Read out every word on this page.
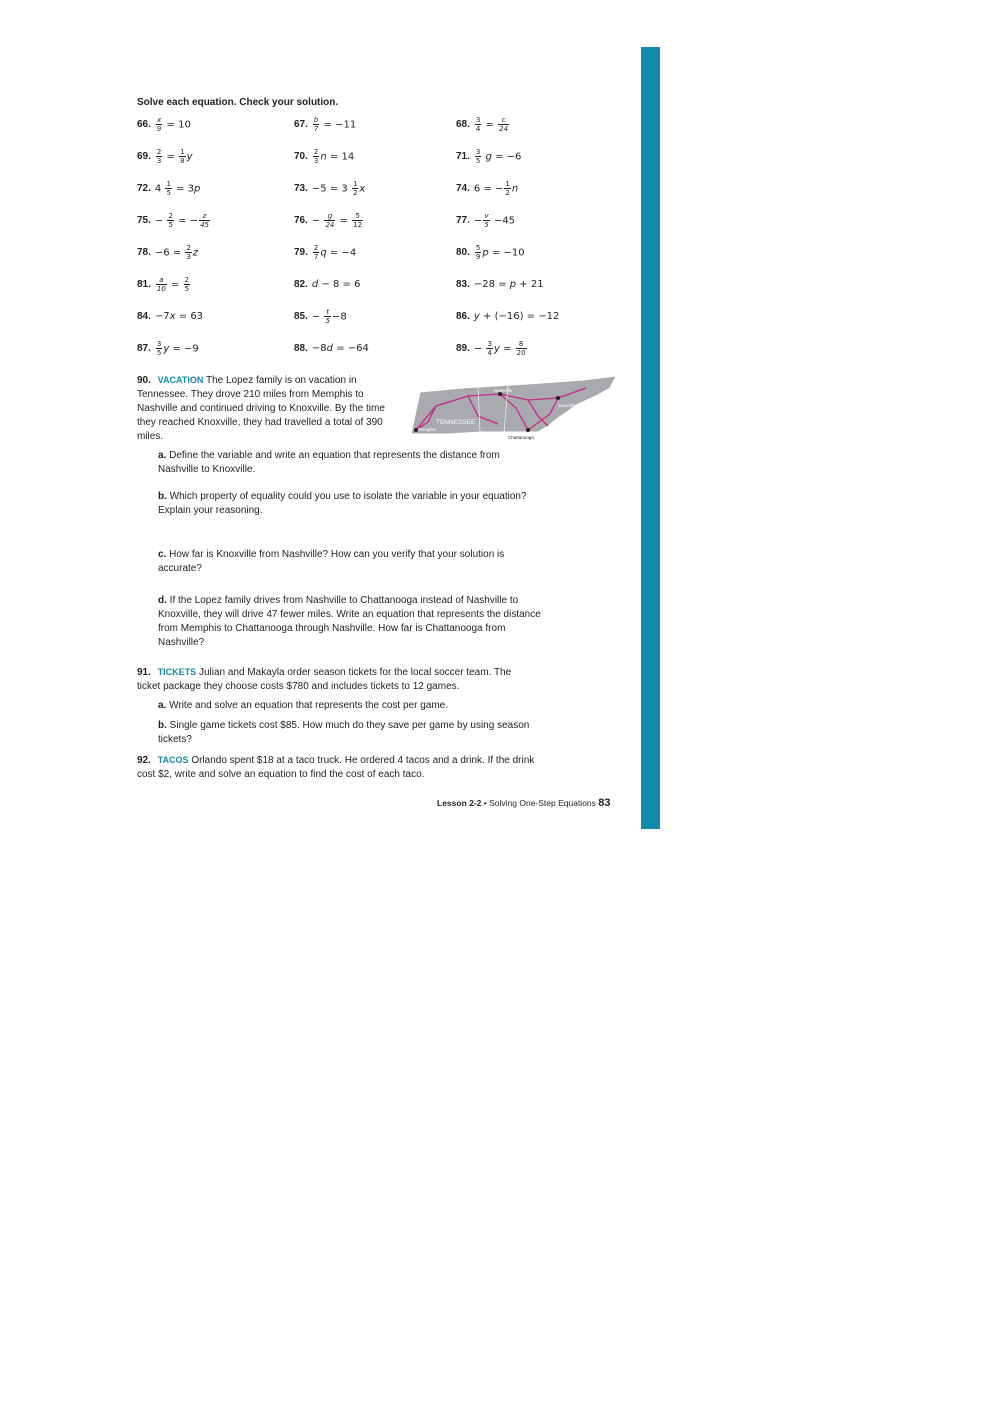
Solve each equation. Check your solution.
66. $\frac{x}{9} = 10$	67. $\frac{b}{7} = -11$	68. $\frac{3}{4} = \frac{c}{24}$
69. $\frac{2}{3} = \frac{1}{8}$ y	70. $\frac{2}{3}$ n = 14	71. $\frac{3}{5}$ g = −6
72. $4 \frac{1}{5} = 3p$	73. $-5 = 3 \frac{1}{2}$ x	74. 6 = − $\frac{1}{2}$ n
75. − $\frac{2}{5}$ = − $\frac{z}{45}$	76. − $\frac{g}{24} = \frac{5}{12}$	77. − $\frac{v}{5} -45$
78. $-6 = \frac{2}{3}$ z	79. $\frac{2}{7}$ q = −4	80. $\frac{5}{9}$ p = −10
81. $\frac{a}{10} = \frac{2}{5}$	82. d − 8 = 6	83. −28 = p + 21
84. −7x = 63	85. − $\frac{t}{5} -8$	86. y + (−16) = −12
87. $\frac{3}{5}$ y = −9	88. −8d = −64	89. − $\frac{3}{4}$ $y = \frac{8}{20}$
90. VACATION The Lopez family is on vacation in Tennessee. They drove 210 miles from Memphis to Nashville and continued driving to Knoxville. By the time they reached Knoxville, they had travelled a total of 390 miles.
TENNESSEE
Nashville
Knoxville
Memphis
Chattanooga
a. Define the variable and write an equation that represents the distance from Nashville to Knoxville.
b. Which property of equality could you use to isolate the variable in your equation? Explain your reasoning.
c. How far is Knoxville from Nashville? How can you verify that your solution is accurate?
d. If the Lopez family drives from Nashville to Chattanooga instead of Nashville to Knoxville, they will drive 47 fewer miles. Write an equation that represents the distance from Memphis to Chattanooga through Nashville. How far is Chattanooga from Nashville?
91. TICKETS Julian and Makayla order season tickets for the local soccer team. The ticket package they choose costs $780 and includes tickets to 12 games.
a. Write and solve an equation that represents the cost per game.
b. Single game tickets cost $85. How much do they save per game by using season tickets?
92. TACOS Orlando spent $18 at a taco truck. He ordered 4 tacos and a drink. If the drink cost $2, write and solve an equation to find the cost of each taco.
Lesson 2-2 • Solving One-Step Equations 83
